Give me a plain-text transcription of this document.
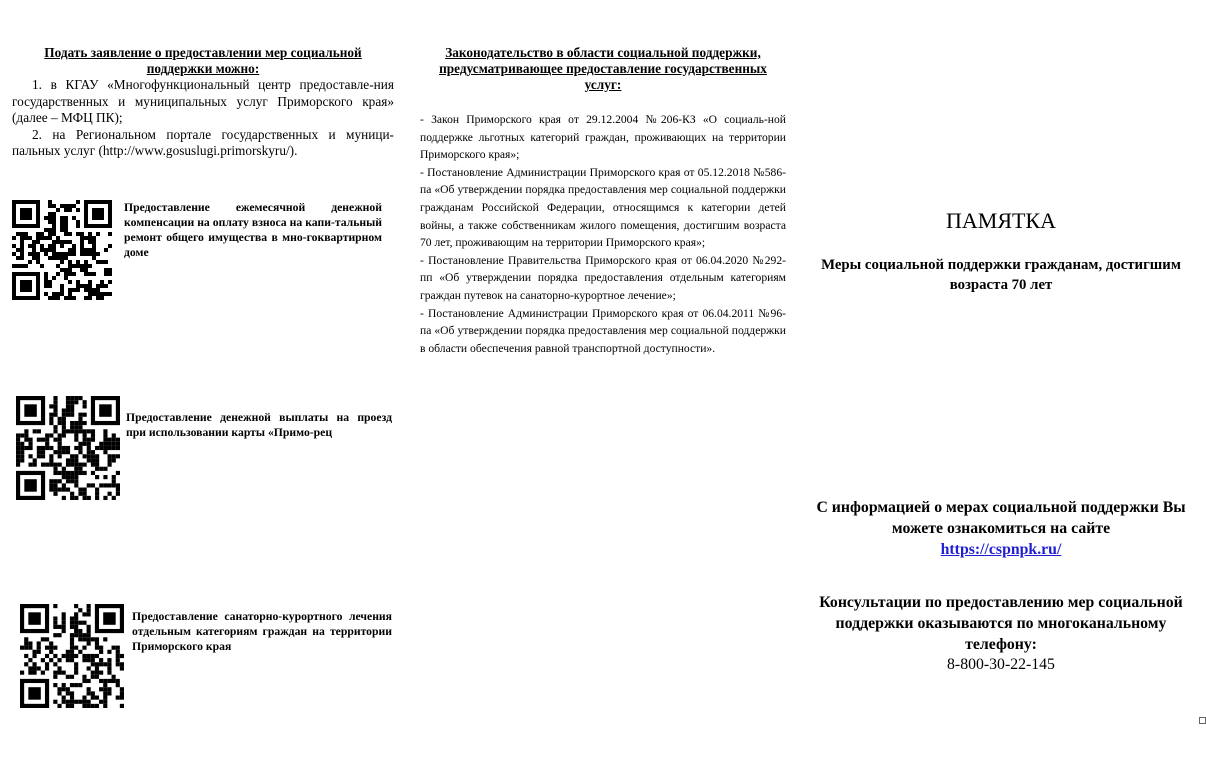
Подать заявление о предоставлении мер социальной поддержки можно:

1. в КГАУ «Многофункциональный центр предоставле-ния государственных и муниципальных услуг Приморского края» (далее – МФЦ ПК);

2. на Региональном портале государственных и муници-пальных услуг (http://www.gosuslugi.primorskyru/).

Предоставление ежемесячной денежной компенсации на оплату взноса на капи-тальный ремонт общего имущества в мно-гоквартирном доме

Предоставление денежной выплаты на проезд при использовании карты «Примо-рец

Предоставление санаторно-курортного лечения отдельным категориям граждан на территории Приморского края

Законодательство в области социальной поддержки, предусматривающее предоставление государственных услуг:

- Закон Приморского края от 29.12.2004 №206-КЗ «О социаль-ной поддержке льготных категорий граждан, проживающих на территории Приморского края»;
- Постановление Администрации Приморского края от 05.12.2018 №586-па «Об утверждении порядка предоставления мер социальной поддержки гражданам Российской Федерации, относящимся к категории детей войны, а также собственникам жилого помещения, достигшим возраста 70 лет, проживающим на территории Приморского края»;
- Постановление Правительства Приморского края от 06.04.2020 №292-пп «Об утверждении порядка предоставления отдельным категориям граждан путевок на санаторно-курортное лечение»;
- Постановление Администрации Приморского края от 06.04.2011 №96-па «Об утверждении порядка предоставления мер социальной поддержки в области обеспечения равной транспортной доступности».
ПАМЯТКА

Меры социальной поддержки гражданам, достигшим возраста 70 лет

С информацией о мерах социальной поддержки Вы можете ознакомиться на сайте
https://cspnpk.ru/

Консультации по предоставлению мер социальной поддержки оказываются по многоканальному телефону:

8-800-30-22-145
